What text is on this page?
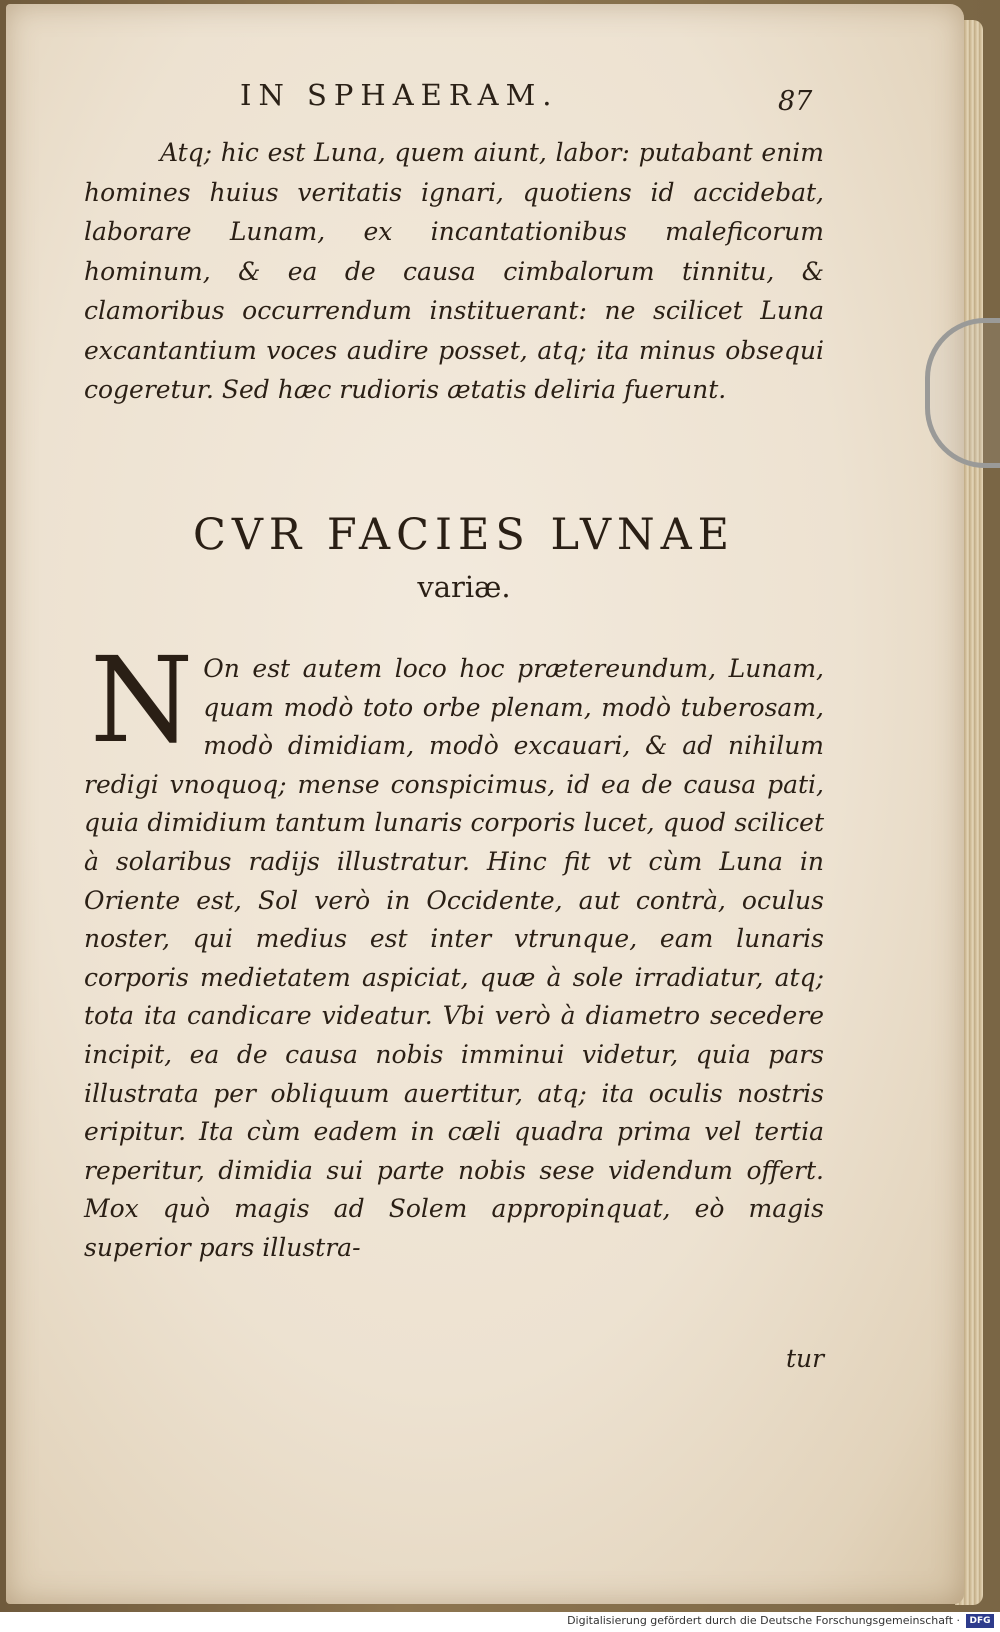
IN SPHAERAM.	87

Atq; hic est Luna, quem aiunt, labor: putabant enim homines huius veritatis ignari, quotiens id accidebat, laborare Lunam, ex incantationibus maleficorum hominum, & ea de causa cimbalorum tinnitu, & clamoribus occurrendum instituerant: ne scilicet Luna excantantium voces audire posset, atq; ita minus obsequi cogeretur. Sed hæc rudioris ætatis deliria fuerunt.

CVR FACIES LVNAE
variæ.

N On est autem loco hoc prætereundum, Lunam, quam modò toto orbe plenam, modò tuberosam, modò dimidiam, modò excauari, & ad nihilum redigi vnoquoq; mense conspicimus, id ea de causa pati, quia dimidium tantum lunaris corporis lucet, quod scilicet à solaribus radijs illustratur. Hinc fit vt cùm Luna in Oriente est, Sol verò in Occidente, aut contrà, oculus noster, qui medius est inter vtrunque, eam lunaris corporis medietatem aspiciat, quæ à sole irradiatur, atq; tota ita candicare videatur. Vbi verò à diametro secedere incipit, ea de causa nobis imminui videtur, quia pars illustrata per obliquum auertitur, atq; ita oculis nostris eripitur. Ita cùm eadem in cæli quadra prima vel tertia reperitur, dimidia sui parte nobis sese videndum offert. Mox quò magis ad Solem appropinquat, eò magis superior pars illustra-

tur
Digitalisierung gefördert durch die Deutsche Forschungsgemeinschaft ·	DFG
